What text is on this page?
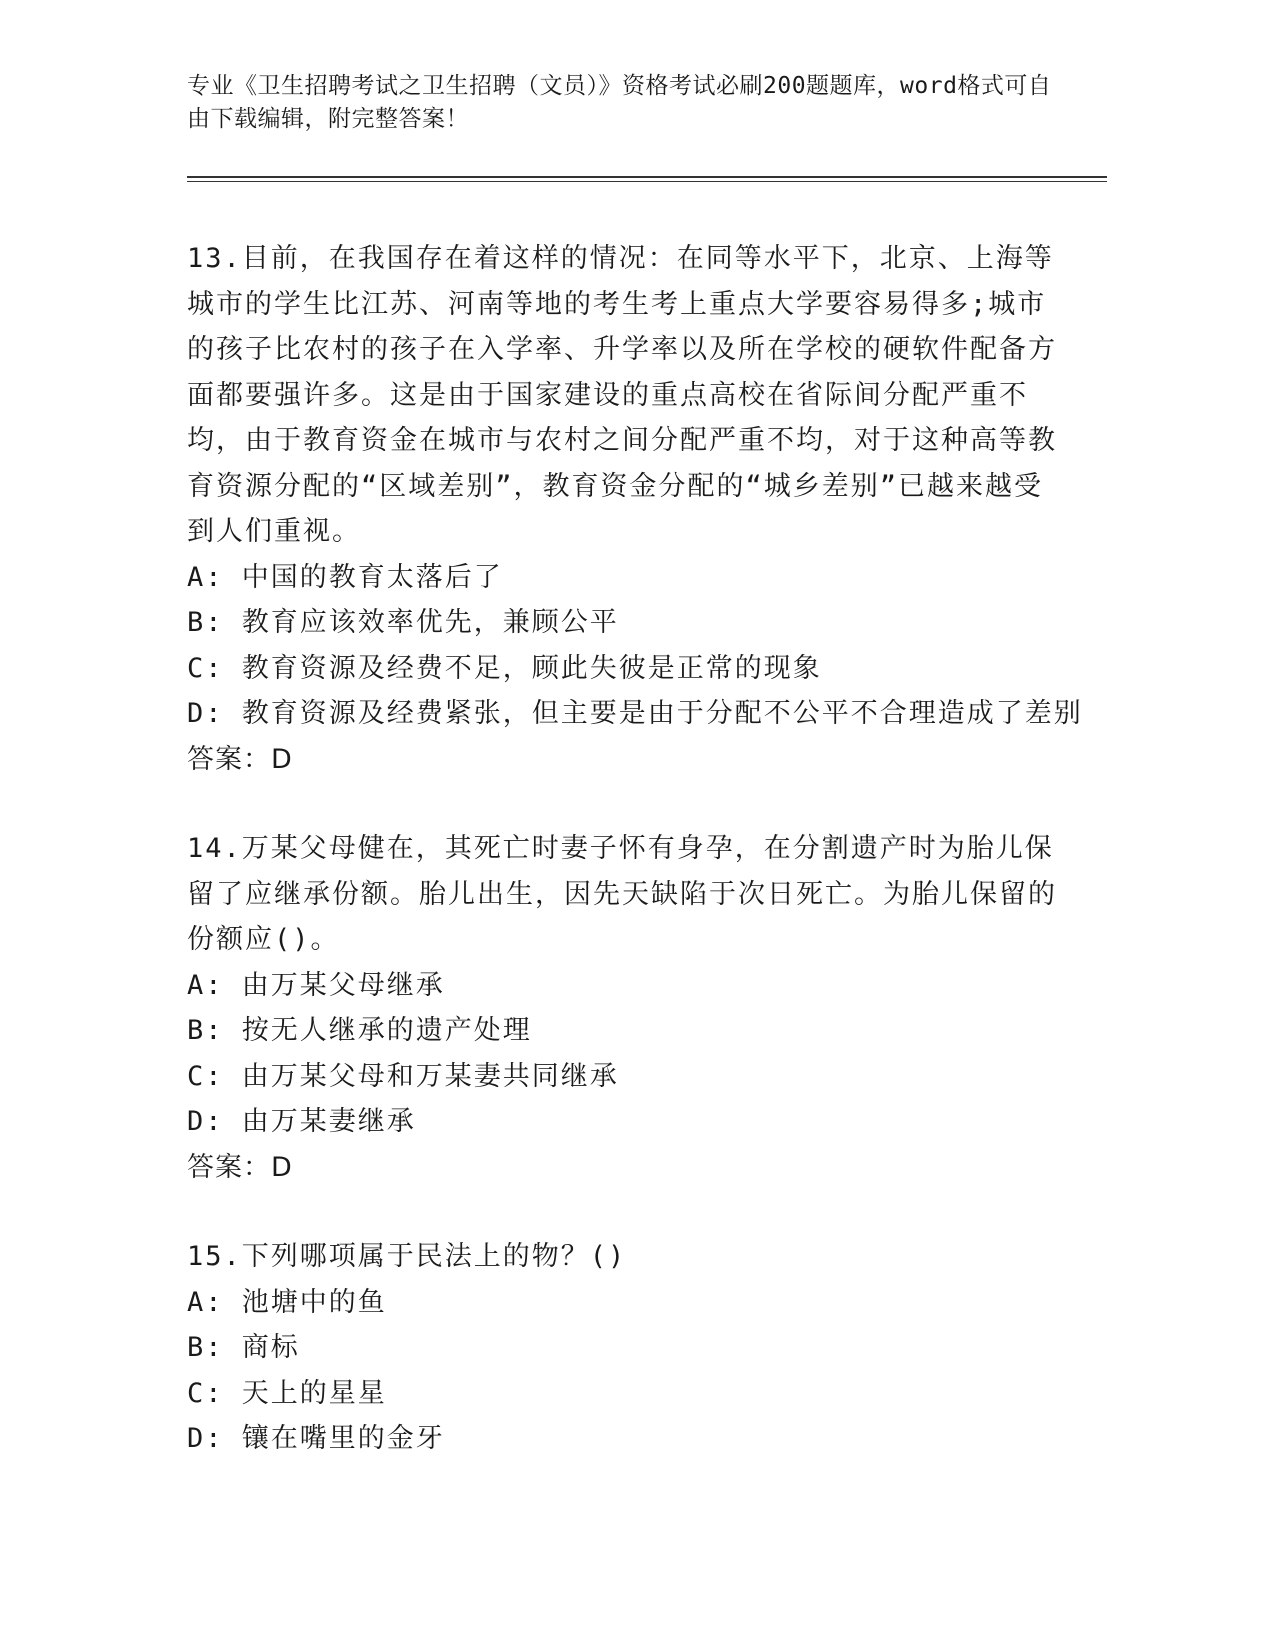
专业《卫生招聘考试之卫生招聘（文员）》资格考试必刷200题题库，word格式可自由下载编辑，附完整答案！
13.目前，在我国存在着这样的情况：在同等水平下，北京、上海等城市的学生比江苏、河南等地的考生考上重点大学要容易得多;城市的孩子比农村的孩子在入学率、升学率以及所在学校的硬软件配备方面都要强许多。这是由于国家建设的重点高校在省际间分配严重不均，由于教育资金在城市与农村之间分配严重不均，对于这种高等教育资源分配的“区域差别”，教育资金分配的“城乡差别”已越来越受到人们重视。
A: 中国的教育太落后了
B: 教育应该效率优先，兼顾公平
C: 教育资源及经费不足，顾此失彼是正常的现象
D: 教育资源及经费紧张，但主要是由于分配不公平不合理造成了差别
答案：D
14.万某父母健在，其死亡时妻子怀有身孕，在分割遗产时为胎儿保留了应继承份额。胎儿出生，因先天缺陷于次日死亡。为胎儿保留的份额应()。
A: 由万某父母继承
B: 按无人继承的遗产处理
C: 由万某父母和万某妻共同继承
D: 由万某妻继承
答案：D
15.下列哪项属于民法上的物？()
A: 池塘中的鱼
B: 商标
C: 天上的星星
D: 镶在嘴里的金牙
